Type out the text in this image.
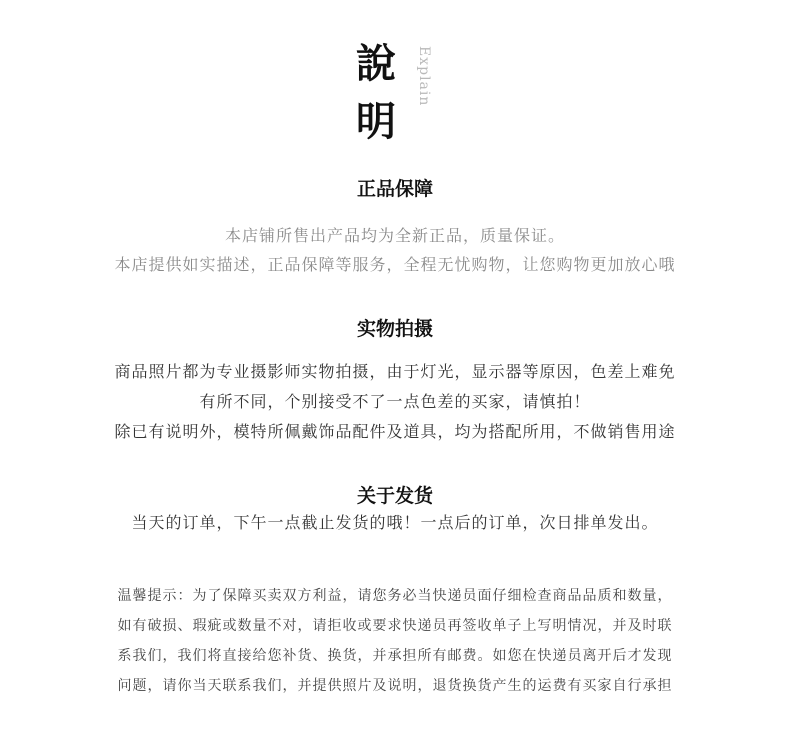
說
明
Explain
正品保障
本店铺所售出产品均为全新正品，质量保证。
本店提供如实描述，正品保障等服务，全程无忧购物，让您购物更加放心哦
实物拍摄
商品照片都为专业摄影师实物拍摄，由于灯光，显示器等原因，色差上难免
有所不同，个别接受不了一点色差的买家，请慎拍！
除已有说明外，模特所佩戴饰品配件及道具，均为搭配所用，不做销售用途
关于发货
当天的订单，下午一点截止发货的哦！一点后的订单，次日排单发出。
温馨提示：为了保障买卖双方利益，请您务必当快递员面仔细检查商品品质和数量，
如有破损、瑕疵或数量不对，请拒收或要求快递员再签收单子上写明情况，并及时联
系我们，我们将直接给您补货、换货，并承担所有邮费。如您在快递员离开后才发现
问题，请你当天联系我们，并提供照片及说明，退货换货产生的运费有买家自行承担
